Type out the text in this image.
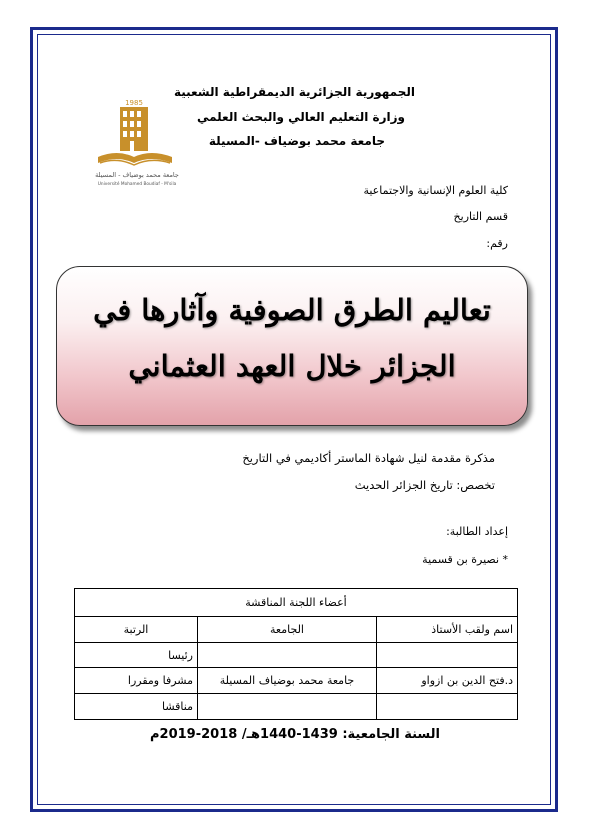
1985
جامعة محمد بوضياف - المسيلة
Université Mohamed Boudiaf - M'sila
الجمهورية الجزائرية الديمقراطية الشعبية
وزارة التعليم العالي والبحث العلمي
جامعة محمد بوضياف -المسيلة
كلية العلوم الإنسانية والاجتماعية
قسم التاريخ
رقم:
تعاليم الطرق الصوفية وآثارها في
الجزائر خلال العهد العثماني
مذكرة مقدمة لنيل شهادة الماستر أكاديمي في التاريخ
تخصص: تاريخ الجزائر الحديث
إعداد الطالبة:
* نصيرة بن قسمية
أعضاء اللجنة المناقشة		
اسم ولقب الأستاذ	الجامعة	الرتبة
		رئيسا
د.فتح الدين بن ازواو	جامعة محمد بوضياف المسيلة	مشرفا ومقررا
		مناقشا
السنة الجامعية: 1439-1440هـ/ 2018-2019م
